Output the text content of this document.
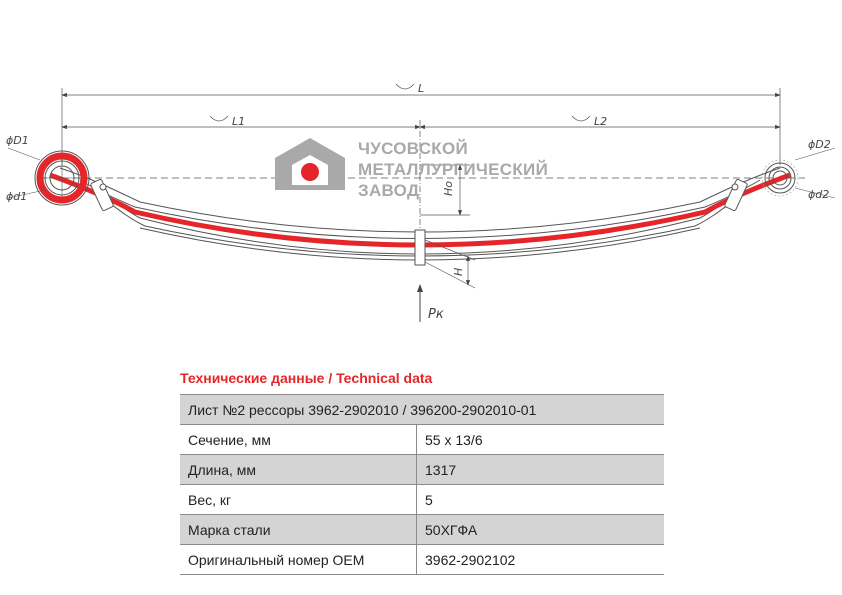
L
L1	L2
Ho
H
Pк
ϕD1
ϕd1
ϕD2
ϕd2
ЧУСОВСКОЙ
МЕТАЛЛУРГИЧЕСКИЙ
ЗАВОД
Технические данные / Technical data
Лист №2 рессоры 3962-2902010 / 396200-2902010-01	
Сечение, мм	55 x 13/6
Длина, мм	1317
Вес, кг	5
Марка стали	50ХГФА
Оригинальный номер OEM	3962-2902102
